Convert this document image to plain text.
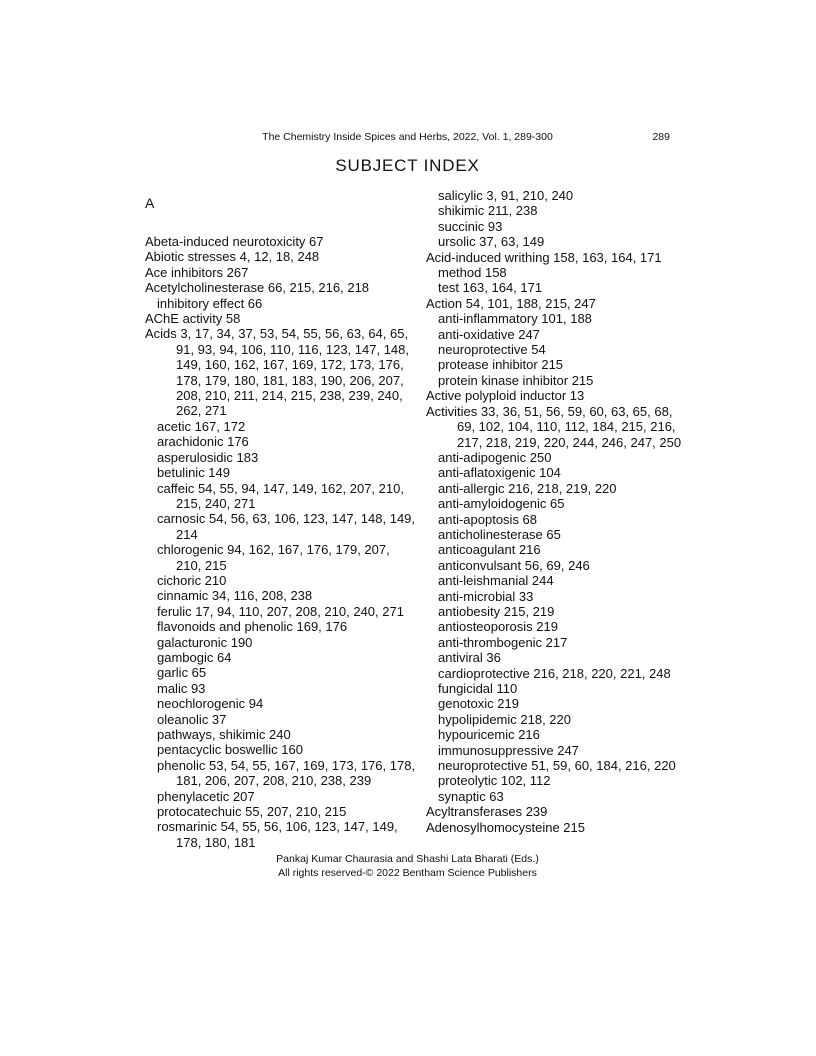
The Chemistry Inside Spices and Herbs, 2022, Vol. 1, 289-300	289
SUBJECT INDEX
A
Abeta-induced neurotoxicity 67
Abiotic stresses 4, 12, 18, 248
Ace inhibitors 267
Acetylcholinesterase 66, 215, 216, 218
inhibitory effect 66
AChE activity 58
Acids 3, 17, 34, 37, 53, 54, 55, 56, 63, 64, 65,
91, 93, 94, 106, 110, 116, 123, 147, 148,
149, 160, 162, 167, 169, 172, 173, 176,
178, 179, 180, 181, 183, 190, 206, 207,
208, 210, 211, 214, 215, 238, 239, 240,
262, 271
acetic 167, 172
arachidonic 176
asperulosidic 183
betulinic 149
caffeic 54, 55, 94, 147, 149, 162, 207, 210,
215, 240, 271
carnosic 54, 56, 63, 106, 123, 147, 148, 149,
214
chlorogenic 94, 162, 167, 176, 179, 207,
210, 215
cichoric 210
cinnamic 34, 116, 208, 238
ferulic 17, 94, 110, 207, 208, 210, 240, 271
flavonoids and phenolic 169, 176
galacturonic 190
gambogic 64
garlic 65
malic 93
neochlorogenic 94
oleanolic 37
pathways, shikimic 240
pentacyclic boswellic 160
phenolic 53, 54, 55, 167, 169, 173, 176, 178,
181, 206, 207, 208, 210, 238, 239
phenylacetic 207
protocatechuic 55, 207, 210, 215
rosmarinic 54, 55, 56, 106, 123, 147, 149,
178, 180, 181
salicylic 3, 91, 210, 240
shikimic 211, 238
succinic 93
ursolic 37, 63, 149
Acid-induced writhing 158, 163, 164, 171
method 158
test 163, 164, 171
Action 54, 101, 188, 215, 247
anti-inflammatory 101, 188
anti-oxidative 247
neuroprotective 54
protease inhibitor 215
protein kinase inhibitor 215
Active polyploid inductor 13
Activities 33, 36, 51, 56, 59, 60, 63, 65, 68,
69, 102, 104, 110, 112, 184, 215, 216,
217, 218, 219, 220, 244, 246, 247, 250
anti-adipogenic 250
anti-aflatoxigenic 104
anti-allergic 216, 218, 219, 220
anti-amyloidogenic 65
anti-apoptosis 68
anticholinesterase 65
anticoagulant 216
anticonvulsant 56, 69, 246
anti-leishmanial 244
anti-microbial 33
antiobesity 215, 219
antiosteoporosis 219
anti-thrombogenic 217
antiviral 36
cardioprotective 216, 218, 220, 221, 248
fungicidal 110
genotoxic 219
hypolipidemic 218, 220
hypouricemic 216
immunosuppressive 247
neuroprotective 51, 59, 60, 184, 216, 220
proteolytic 102, 112
synaptic 63
Acyltransferases 239
Adenosylhomocysteine 215
Pankaj Kumar Chaurasia and Shashi Lata Bharati (Eds.)
All rights reserved-© 2022 Bentham Science Publishers
